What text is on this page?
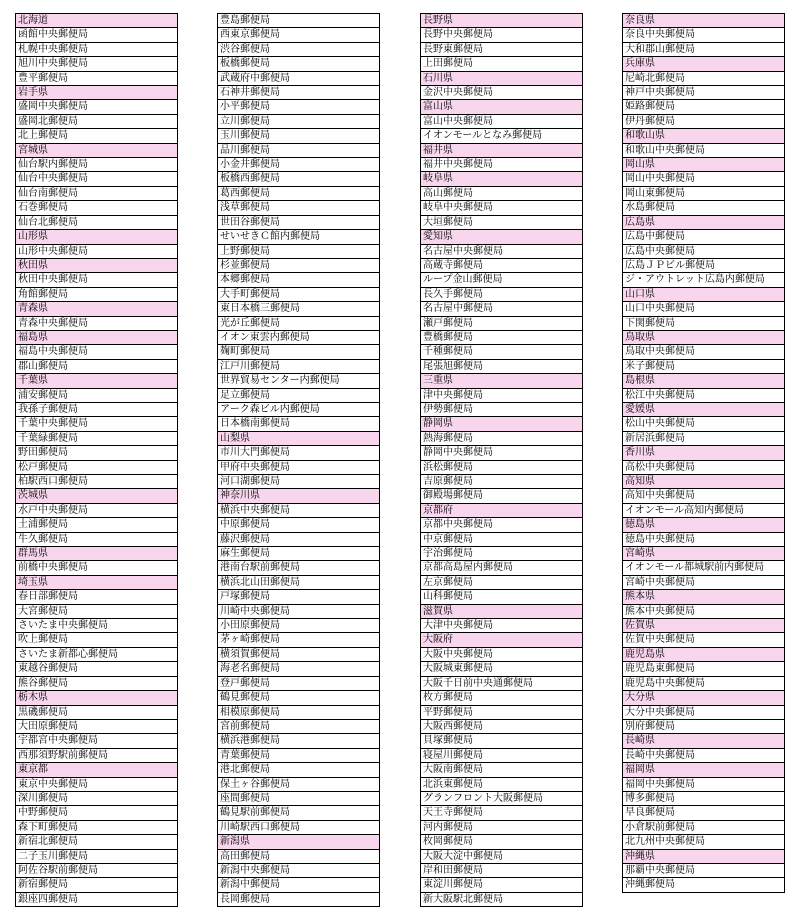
北海道
函館中央郵便局
札幌中央郵便局
旭川中央郵便局
豊平郵便局
岩手県
盛岡中央郵便局
盛岡北郵便局
北上郵便局
宮城県
仙台駅内郵便局
仙台中央郵便局
仙台南郵便局
石巻郵便局
仙台北郵便局
山形県
山形中央郵便局
秋田県
秋田中央郵便局
角館郵便局
青森県
青森中央郵便局
福島県
福島中央郵便局
郡山郵便局
千葉県
浦安郵便局
我孫子郵便局
千葉中央郵便局
千葉緑郵便局
野田郵便局
松戸郵便局
柏駅西口郵便局
茨城県
水戸中央郵便局
土浦郵便局
牛久郵便局
群馬県
前橋中央郵便局
埼玉県
春日部郵便局
大宮郵便局
さいたま中央郵便局
吹上郵便局
さいたま新都心郵便局
東越谷郵便局
熊谷郵便局
栃木県
黒磯郵便局
大田原郵便局
宇都宮中央郵便局
西那須野駅前郵便局
東京都
東京中央郵便局
深川郵便局
中野郵便局
森下町郵便局
新宿北郵便局
二子玉川郵便局
阿佐谷駅前郵便局
新宿郵便局
銀座四郵便局
豊島郵便局
西東京郵便局
渋谷郵便局
板橋郵便局
武蔵府中郵便局
石神井郵便局
小平郵便局
立川郵便局
玉川郵便局
品川郵便局
小金井郵便局
板橋西郵便局
葛西郵便局
浅草郵便局
世田谷郵便局
せいせきＣ館内郵便局
上野郵便局
杉並郵便局
本郷郵便局
大手町郵便局
東日本橋三郵便局
光が丘郵便局
イオン東雲内郵便局
麹町郵便局
江戸川郵便局
世界貿易センター内郵便局
足立郵便局
アーク森ビル内郵便局
日本橋南郵便局
山梨県
市川大門郵便局
甲府中央郵便局
河口湖郵便局
神奈川県
横浜中央郵便局
中原郵便局
藤沢郵便局
麻生郵便局
港南台駅前郵便局
横浜北山田郵便局
戸塚郵便局
川崎中央郵便局
小田原郵便局
茅ヶ崎郵便局
横須賀郵便局
海老名郵便局
登戸郵便局
鶴見郵便局
相模原郵便局
宮前郵便局
横浜港郵便局
青葉郵便局
港北郵便局
保土ヶ谷郵便局
座間郵便局
鶴見駅前郵便局
川崎駅西口郵便局
新潟県
高田郵便局
新潟中央郵便局
新潟中郵便局
長岡郵便局
長野県
長野中央郵便局
長野東郵便局
上田郵便局
石川県
金沢中央郵便局
富山県
富山中央郵便局
イオンモールとなみ郵便局
福井県
福井中央郵便局
岐阜県
高山郵便局
岐阜中央郵便局
大垣郵便局
愛知県
名古屋中央郵便局
高蔵寺郵便局
ループ金山郵便局
長久手郵便局
名古屋中郵便局
瀬戸郵便局
豊橋郵便局
千種郵便局
尾張旭郵便局
三重県
津中央郵便局
伊勢郵便局
静岡県
熱海郵便局
静岡中央郵便局
浜松郵便局
吉原郵便局
御殿場郵便局
京都府
京都中央郵便局
中京郵便局
宇治郵便局
京都高島屋内郵便局
左京郵便局
山科郵便局
滋賀県
大津中央郵便局
大阪府
大阪中央郵便局
大阪城東郵便局
大阪千日前中央通郵便局
枚方郵便局
平野郵便局
大阪西郵便局
貝塚郵便局
寝屋川郵便局
大阪南郵便局
北浜東郵便局
グランフロント大阪郵便局
天王寺郵便局
河内郵便局
枚岡郵便局
大阪大淀中郵便局
岸和田郵便局
東淀川郵便局
新大阪駅北郵便局
奈良県
奈良中央郵便局
大和郡山郵便局
兵庫県
尼崎北郵便局
神戸中央郵便局
姫路郵便局
伊丹郵便局
和歌山県
和歌山中央郵便局
岡山県
岡山中央郵便局
岡山東郵便局
水島郵便局
広島県
広島中郵便局
広島中央郵便局
広島ＪＰビル郵便局
ジ・アウトレット広島内郵便局
山口県
山口中央郵便局
下関郵便局
鳥取県
鳥取中央郵便局
米子郵便局
島根県
松江中央郵便局
愛媛県
松山中央郵便局
新居浜郵便局
香川県
高松中央郵便局
高知県
高知中央郵便局
イオンモール高知内郵便局
徳島県
徳島中央郵便局
宮崎県
イオンモール都城駅前内郵便局
宮崎中央郵便局
熊本県
熊本中央郵便局
佐賀県
佐賀中央郵便局
鹿児島県
鹿児島東郵便局
鹿児島中央郵便局
大分県
大分中央郵便局
別府郵便局
長崎県
長崎中央郵便局
福岡県
福岡中央郵便局
博多郵便局
早良郵便局
小倉駅前郵便局
北九州中央郵便局
沖縄県
那覇中央郵便局
沖縄郵便局
